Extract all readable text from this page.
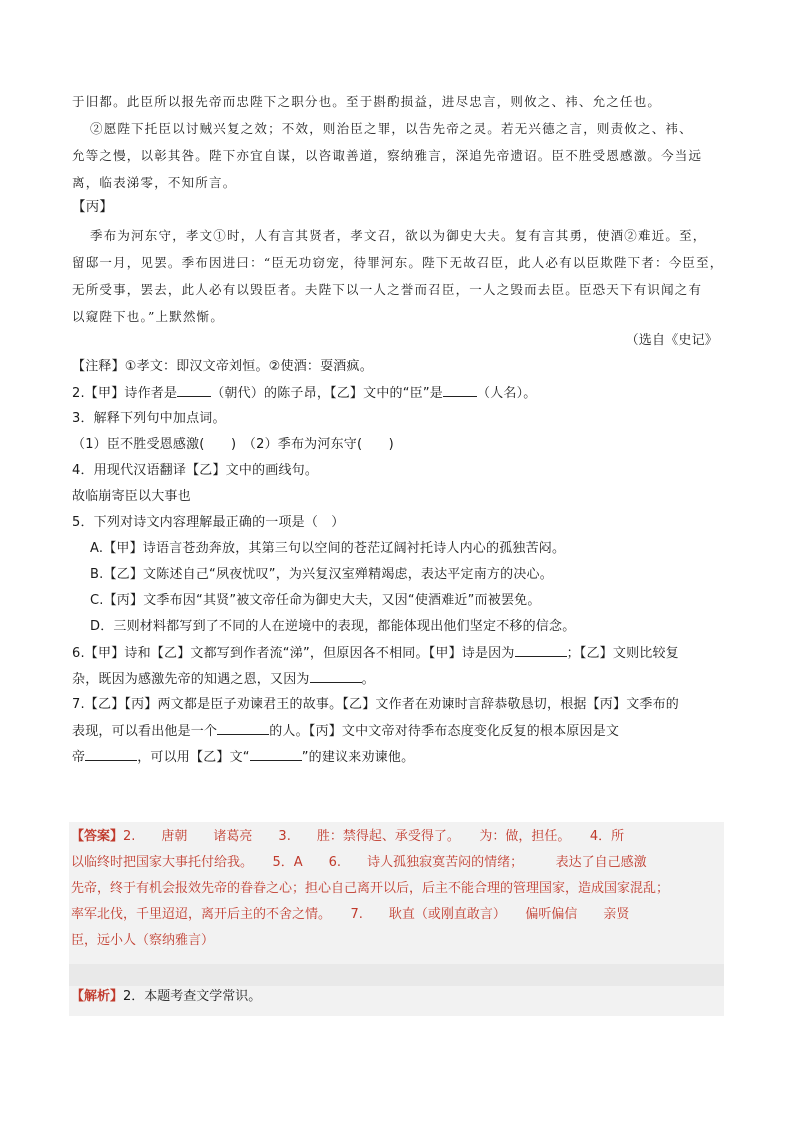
于旧都。此臣所以报先帝而忠陛下之职分也。至于斟酌损益，进尽忠言，则攸之、祎、允之任也。
②愿陛下托臣以讨贼兴复之效；不效，则治臣之罪，以告先帝之灵。若无兴德之言，则责攸之、祎、
允等之慢，以彰其咎。陛下亦宜自谋，以咨诹善道，察纳雅言，深追先帝遗诏。臣不胜受恩感激。今当远
离，临表涕零，不知所言。
【丙】
季布为河东守，孝文①时，人有言其贤者，孝文召，欲以为御史大夫。复有言其勇，使酒②难近。至，
留邸一月，见罢。季布因进曰：“臣无功窃宠，待罪河东。陛下无故召臣，此人必有以臣欺陛下者：今臣至，
无所受事，罢去，此人必有以毁臣者。夫陛下以一人之誉而召臣，一人之毁而去臣。臣恐天下有识闻之有
以窥陛下也。”上默然惭。
（选自《史记》
【注释】①孝文：即汉文帝刘恒。②使酒：耍酒疯。
2.【甲】诗作者是	（朝代）的陈子昂，【乙】文中的“臣”是	（人名）。
3．解释下列句中加点词。
（1）臣不胜受恩感激(　　)　（2）季布为河东守(　　)
4．用现代汉语翻译【乙】文中的画线句。
故临崩寄臣以大事也
5．下列对诗文内容理解最正确的一项是（　）
A.【甲】诗语言苍劲奔放，其第三句以空间的苍茫辽阔衬托诗人内心的孤独苦闷。
B.【乙】文陈述自己“夙夜忧叹”，为兴复汉室殚精竭虑，表达平定南方的决心。
C.【丙】文季布因“其贤”被文帝任命为御史大夫，又因“使酒难近”而被罢免。
D．三则材料都写到了不同的人在逆境中的表现，都能体现出他们坚定不移的信念。
6.【甲】诗和【乙】文都写到作者流“涕”，但原因各不相同。【甲】诗是因为	；【乙】文则比较复
杂，既因为感激先帝的知遇之恩，又因为	。
7.【乙】【丙】两文都是臣子劝谏君王的故事。【乙】文作者在劝谏时言辞恭敬恳切，根据【丙】文季布的
表现，可以看出他是一个	的人。【丙】文中文帝对待季布态度变化反复的根本原因是文
帝	，可以用【乙】文“	”的建议来劝谏他。
【答案】2.　　唐朝　　诸葛亮　　3.　　胜：禁得起、承受得了。　　为：做，担任。　　4．所
以临终时把国家大事托付给我。　　5．A　　6.　　诗人孤独寂寞苦闷的情绪；　　　表达了自己感激
先帝，终于有机会报效先帝的眷眷之心；担心自己离开以后，后主不能合理的管理国家，造成国家混乱；
率军北伐，千里迢迢，离开后主的不舍之情。　　7.　　耿直（或刚直敢言）　　偏听偏信　　亲贤
臣，远小人（察纳雅言）
【解析】2．本题考查文学常识。
